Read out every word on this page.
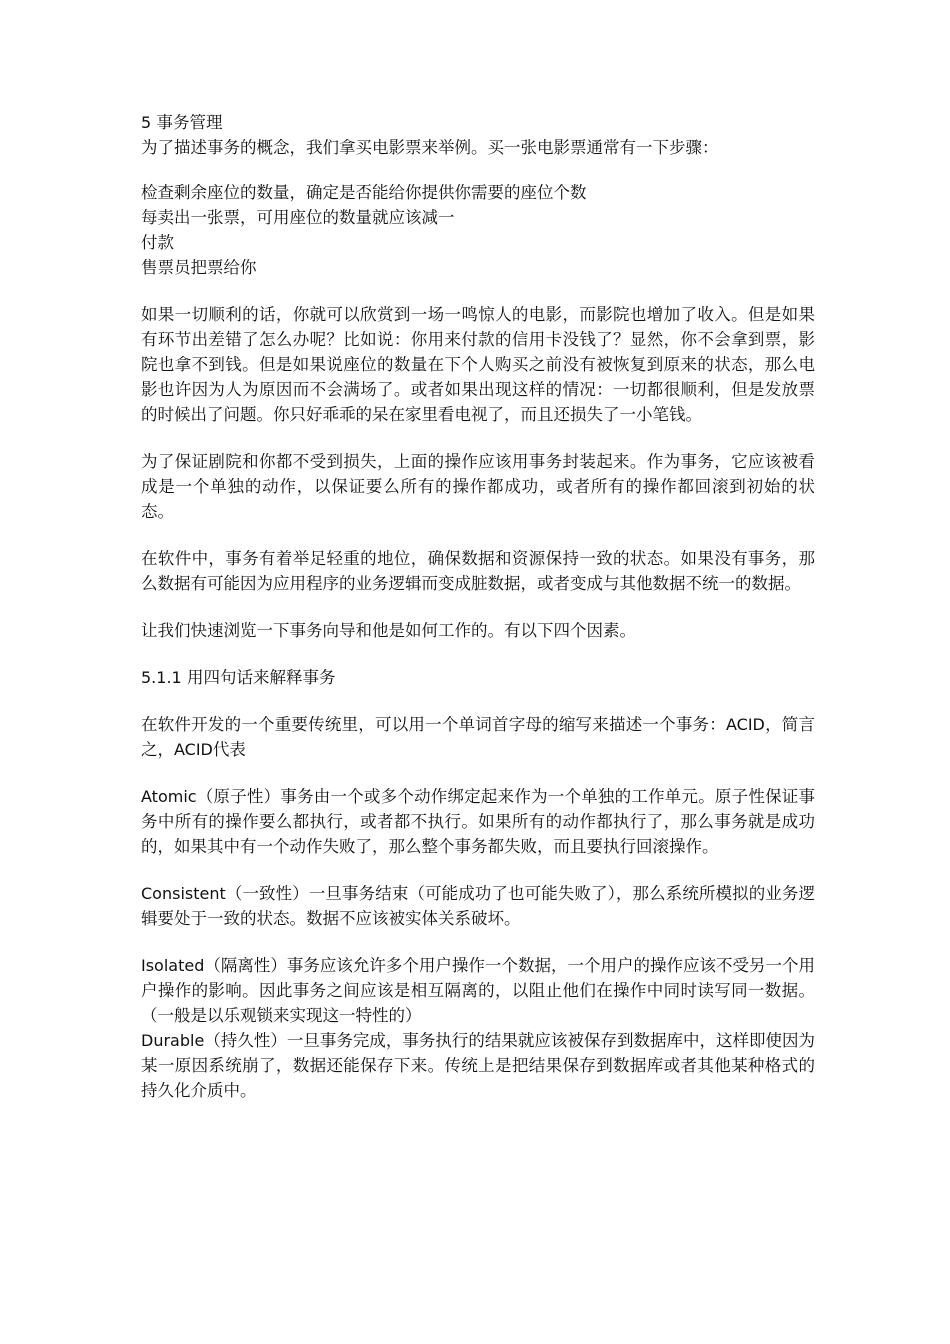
5 事务管理
为了描述事务的概念，我们拿买电影票来举例。买一张电影票通常有一下步骤：
检查剩余座位的数量，确定是否能给你提供你需要的座位个数
每卖出一张票，可用座位的数量就应该减一
付款
售票员把票给你
如果一切顺利的话，你就可以欣赏到一场一鸣惊人的电影，而影院也增加了收入。但是如果有环节出差错了怎么办呢？比如说：你用来付款的信用卡没钱了？显然，你不会拿到票，影院也拿不到钱。但是如果说座位的数量在下个人购买之前没有被恢复到原来的状态，那么电影也许因为人为原因而不会满场了。或者如果出现这样的情况：一切都很顺利，但是发放票的时候出了问题。你只好乖乖的呆在家里看电视了，而且还损失了一小笔钱。
为了保证剧院和你都不受到损失，上面的操作应该用事务封装起来。作为事务，它应该被看成是一个单独的动作，以保证要么所有的操作都成功，或者所有的操作都回滚到初始的状态。
在软件中，事务有着举足轻重的地位，确保数据和资源保持一致的状态。如果没有事务，那么数据有可能因为应用程序的业务逻辑而变成脏数据，或者变成与其他数据不统一的数据。
让我们快速浏览一下事务向导和他是如何工作的。有以下四个因素。
5.1.1 用四句话来解释事务
在软件开发的一个重要传统里，可以用一个单词首字母的缩写来描述一个事务：ACID，简言之，ACID代表
Atomic（原子性）事务由一个或多个动作绑定起来作为一个单独的工作单元。原子性保证事务中所有的操作要么都执行，或者都不执行。如果所有的动作都执行了，那么事务就是成功的，如果其中有一个动作失败了，那么整个事务都失败，而且要执行回滚操作。
Consistent（一致性）一旦事务结束（可能成功了也可能失败了），那么系统所模拟的业务逻辑要处于一致的状态。数据不应该被实体关系破坏。
Isolated（隔离性）事务应该允许多个用户操作一个数据，一个用户的操作应该不受另一个用户操作的影响。因此事务之间应该是相互隔离的，以阻止他们在操作中同时读写同一数据。（一般是以乐观锁来实现这一特性的）
Durable（持久性）一旦事务完成，事务执行的结果就应该被保存到数据库中，这样即使因为某一原因系统崩了，数据还能保存下来。传统上是把结果保存到数据库或者其他某种格式的持久化介质中。
